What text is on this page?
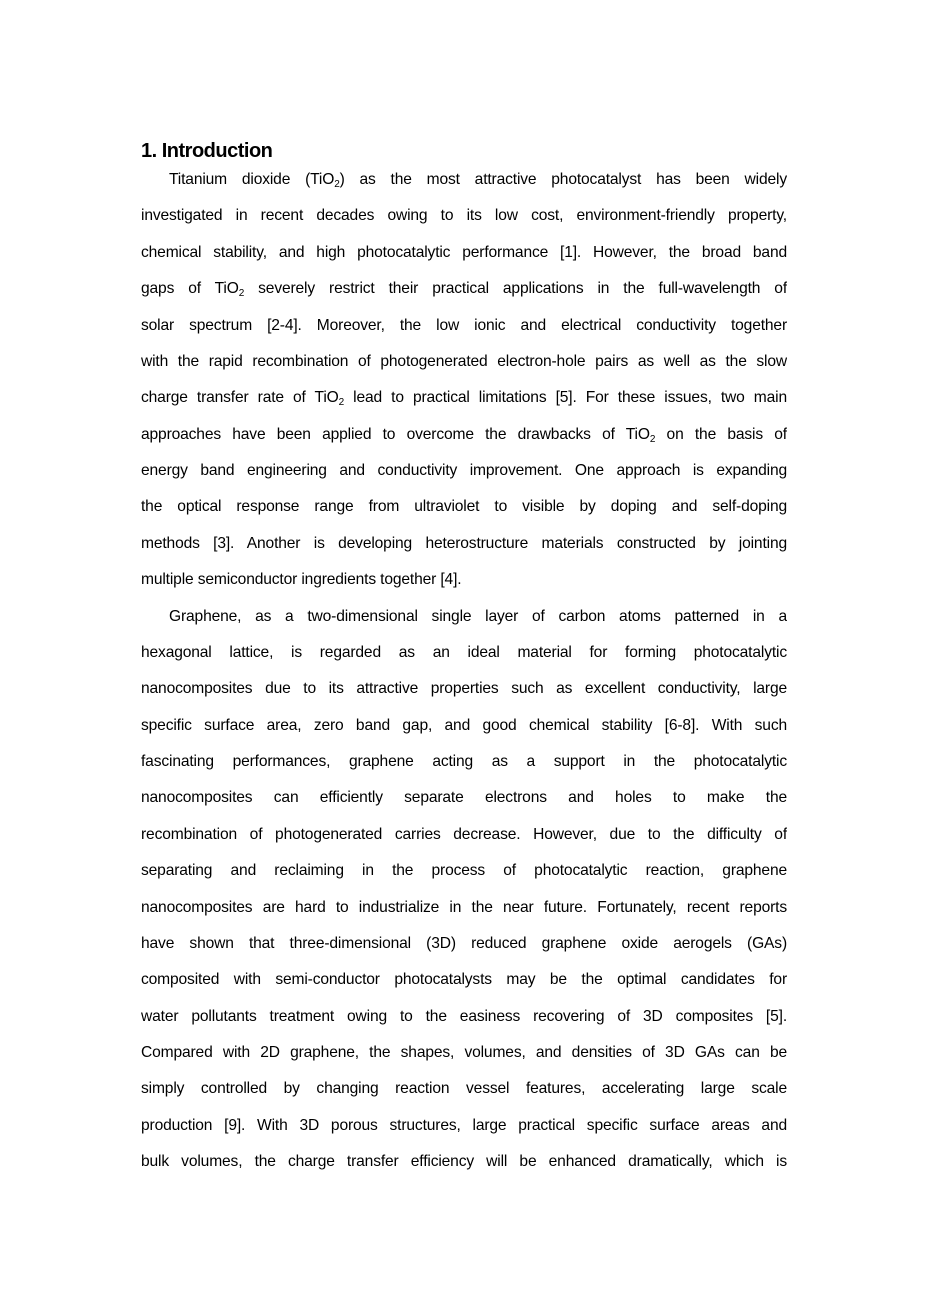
1. Introduction
Titanium dioxide (TiO$_2$) as the most attractive photocatalyst has been widely
investigated in recent decades owing to its low cost, environment-friendly property,
chemical stability, and high photocatalytic performance [1]. However, the broad band
gaps of TiO$_2$ severely restrict their practical applications in the full-wavelength of
solar spectrum [2-4]. Moreover, the low ionic and electrical conductivity together
with the rapid recombination of photogenerated electron-hole pairs as well as the slow
charge transfer rate of TiO$_2$ lead to practical limitations [5]. For these issues, two main
approaches have been applied to overcome the drawbacks of TiO$_2$ on the basis of
energy band engineering and conductivity improvement. One approach is expanding
the optical response range from ultraviolet to visible by doping and self-doping
methods [3]. Another is developing heterostructure materials constructed by jointing
multiple semiconductor ingredients together [4].
Graphene, as a two-dimensional single layer of carbon atoms patterned in a
hexagonal lattice, is regarded as an ideal material for forming photocatalytic
nanocomposites due to its attractive properties such as excellent conductivity, large
specific surface area, zero band gap, and good chemical stability [6-8]. With such
fascinating performances, graphene acting as a support in the photocatalytic
nanocomposites can efficiently separate electrons and holes to make the
recombination of photogenerated carries decrease. However, due to the difficulty of
separating and reclaiming in the process of photocatalytic reaction, graphene
nanocomposites are hard to industrialize in the near future. Fortunately, recent reports
have shown that three-dimensional (3D) reduced graphene oxide aerogels (GAs)
composited with semi-conductor photocatalysts may be the optimal candidates for
water pollutants treatment owing to the easiness recovering of 3D composites [5].
Compared with 2D graphene, the shapes, volumes, and densities of 3D GAs can be
simply controlled by changing reaction vessel features, accelerating large scale
production [9]. With 3D porous structures, large practical specific surface areas and
bulk volumes, the charge transfer efficiency will be enhanced dramatically, which is
